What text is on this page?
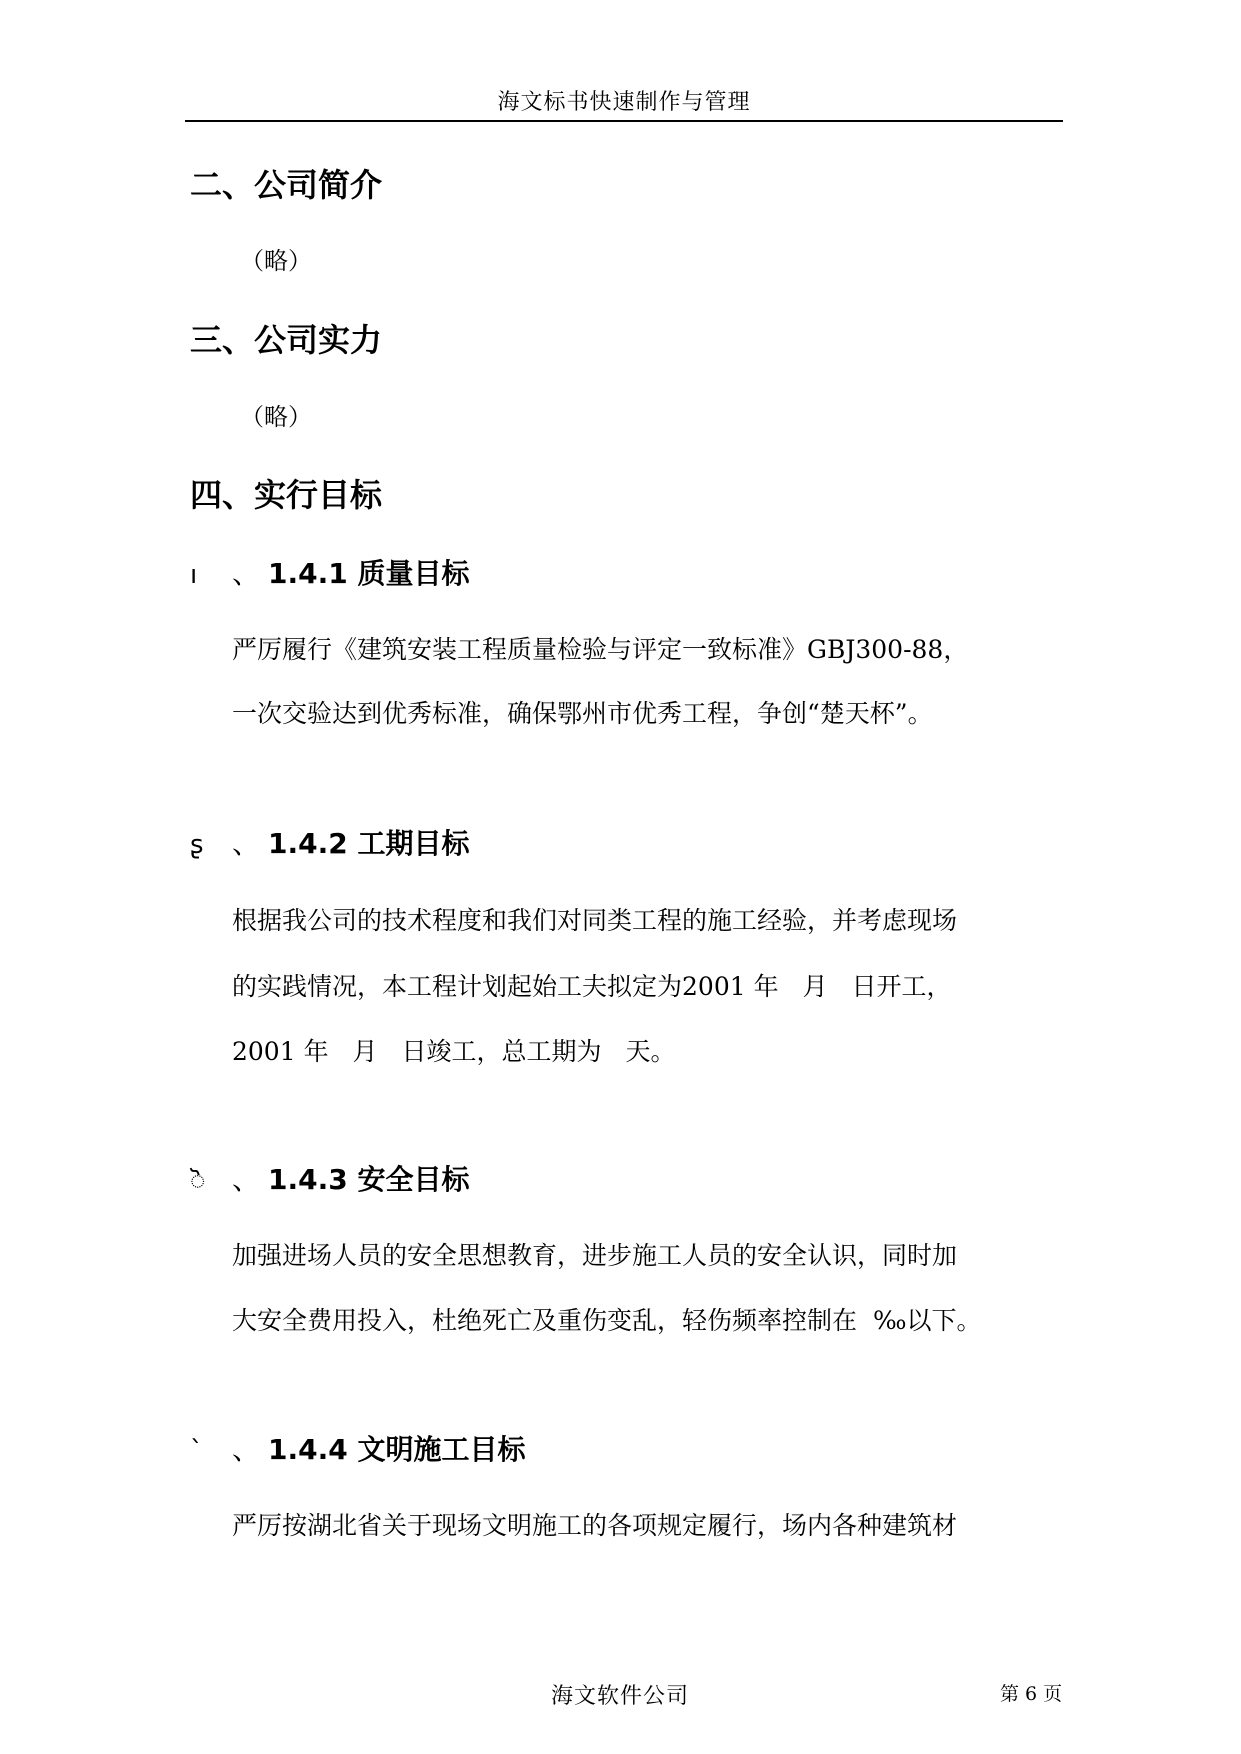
海文标书快速制作与管理
二、公司简介
（略）
三、公司实力
（略）
四、实行目标
ı 、 1.4.1 质量目标
严厉履行《建筑安装工程质量检验与评定一致标准》GBJ300-88，
一次交验达到优秀标准，确保鄂州市优秀工程，争创“楚天杯”。
ʂ 、 1.4.2 工期目标
根据我公司的技术程度和我们对同类工程的施工经验，并考虑现场
的实践情况，本工程计划起始工夫拟定为2001 年 月 日开工，
2001 年 月 日竣工，总工期为 天。
ॆ 、 1.4.3 安全目标
加强进场人员的安全思想教育，进步施工人员的安全认识，同时加
大安全费用投入，杜绝死亡及重伤变乱，轻伤频率控制在 ‰以下。
ˋ 、 1.4.4 文明施工目标
严厉按湖北省关于现场文明施工的各项规定履行，场内各种建筑材
海文软件公司	第 6 页
